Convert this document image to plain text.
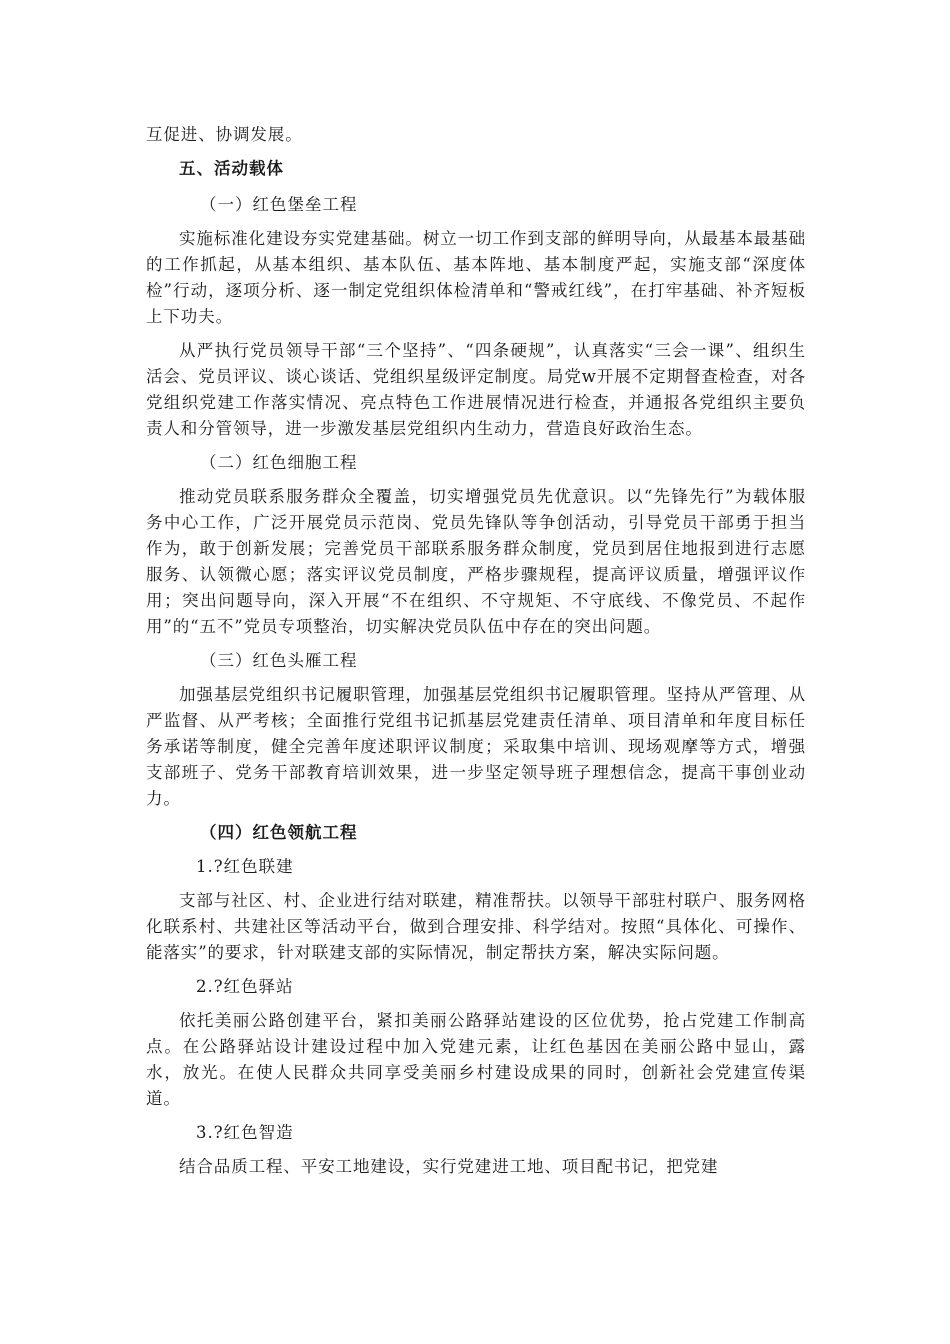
互促进、协调发展。

五、活动载体

（一）红色堡垒工程

实施标准化建设夯实党建基础。树立一切工作到支部的鲜明导向，从最基本最基础的工作抓起，从基本组织、基本队伍、基本阵地、基本制度严起，实施支部“深度体检”行动，逐项分析、逐一制定党组织体检清单和“警戒红线”，在打牢基础、补齐短板上下功夫。

从严执行党员领导干部“三个坚持”、“四条硬规”，认真落实“三会一课”、组织生活会、党员评议、谈心谈话、党组织星级评定制度。局党w开展不定期督查检查，对各党组织党建工作落实情况、亮点特色工作进展情况进行检查，并通报各党组织主要负责人和分管领导，进一步激发基层党组织内生动力，营造良好政治生态。

（二）红色细胞工程

推动党员联系服务群众全覆盖，切实增强党员先优意识。以“先锋先行”为载体服务中心工作，广泛开展党员示范岗、党员先锋队等争创活动，引导党员干部勇于担当作为，敢于创新发展；完善党员干部联系服务群众制度，党员到居住地报到进行志愿服务、认领微心愿；落实评议党员制度，严格步骤规程，提高评议质量，增强评议作用；突出问题导向，深入开展“不在组织、不守规矩、不守底线、不像党员、不起作用”的“五不”党员专项整治，切实解决党员队伍中存在的突出问题。

（三）红色头雁工程

加强基层党组织书记履职管理，加强基层党组织书记履职管理。坚持从严管理、从严监督、从严考核；全面推行党组书记抓基层党建责任清单、项目清单和年度目标任务承诺等制度，健全完善年度述职评议制度；采取集中培训、现场观摩等方式，增强支部班子、党务干部教育培训效果，进一步坚定领导班子理想信念，提高干事创业动力。

（四）红色领航工程

1.?红色联建

支部与社区、村、企业进行结对联建，精准帮扶。以领导干部驻村联户、服务网格化联系村、共建社区等活动平台，做到合理安排、科学结对。按照“具体化、可操作、能落实”的要求，针对联建支部的实际情况，制定帮扶方案，解决实际问题。

2.?红色驿站

依托美丽公路创建平台，紧扣美丽公路驿站建设的区位优势，抢占党建工作制高点。在公路驿站设计建设过程中加入党建元素，让红色基因在美丽公路中显山，露水，放光。在使人民群众共同享受美丽乡村建设成果的同时，创新社会党建宣传渠道。

3.?红色智造

结合品质工程、平安工地建设，实行党建进工地、项目配书记，把党建
